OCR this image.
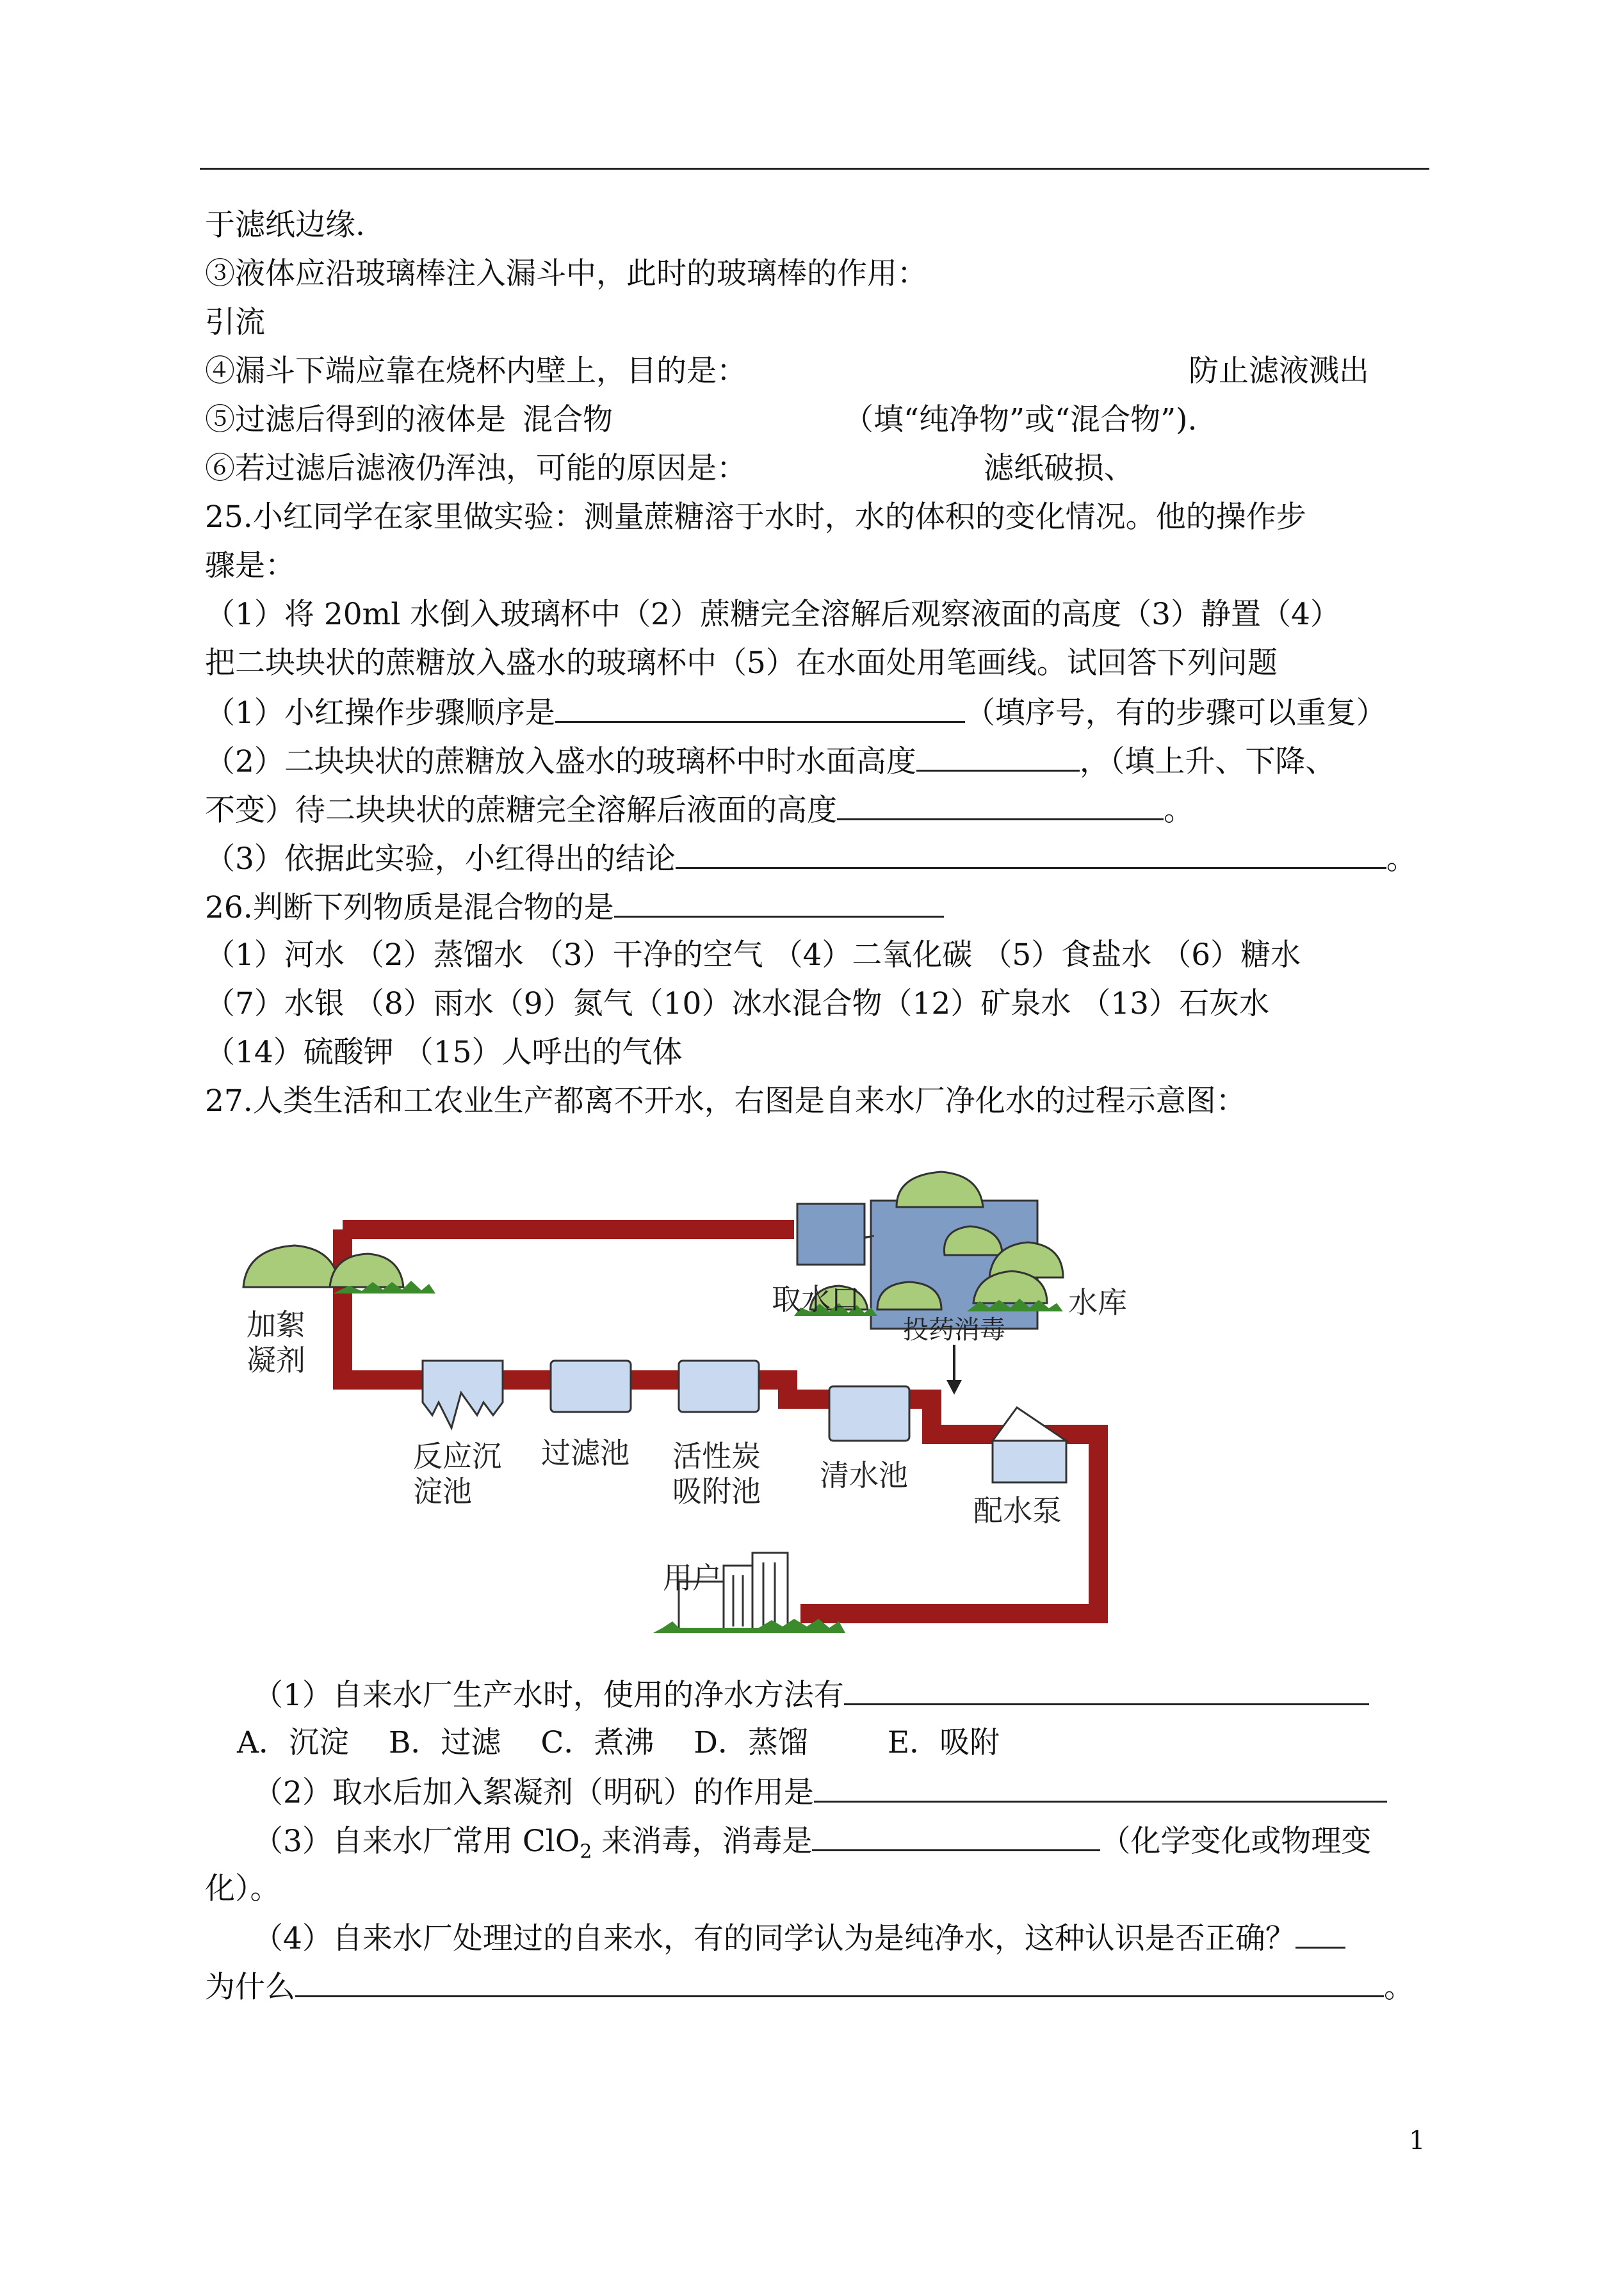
于滤纸边缘.
③液体应沿玻璃棒注入漏斗中，此时的玻璃棒的作用：
引流
④漏斗下端应靠在烧杯内壁上，目的是：	防止滤液溅出
⑤过滤后得到的液体是 混合物	（填“纯净物”或“混合物”).
⑥若过滤后滤液仍浑浊，可能的原因是：	滤纸破损、
25.小红同学在家里做实验：测量蔗糖溶于水时，水的体积的变化情况。他的操作步
骤是：
（1）将 20ml 水倒入玻璃杯中（2）蔗糖完全溶解后观察液面的高度（3）静置（4）
把二块块状的蔗糖放入盛水的玻璃杯中（5）在水面处用笔画线。试回答下列问题
（1）小红操作步骤顺序是	（填序号，有的步骤可以重复）
（2）二块块状的蔗糖放入盛水的玻璃杯中时水面高度	，（填上升、下降、
不变）待二块块状的蔗糖完全溶解后液面的高度	。
（3）依据此实验，小红得出的结论	。
26.判断下列物质是混合物的是
（1）河水 （2）蒸馏水 （3）干净的空气 （4）二氧化碳 （5）食盐水 （6）糖水
（7）水银 （8）雨水（9）氮气（10）冰水混合物（12）矿泉水 （13）石灰水
（14）硫酸钾 （15）人呼出的气体
27.人类生活和工农业生产都离不开水，右图是自来水厂净化水的过程示意图：
取水口	水库
加絮
凝剂
投药消毒
反应沉
淀池
过滤池 活性炭
吸附池 清水池
配水泵
用户
（1）自来水厂生产水时，使用的净水方法有
A．沉淀　 B．过滤　 C．煮沸　 D．蒸馏　 　 E．吸附
（2）取水后加入絮凝剂（明矾）的作用是
（3）自来水厂常用 ClO$_2$ 来消毒，消毒是	（化学变化或物理变
化）。
（4）自来水厂处理过的自来水，有的同学认为是纯净水，这种认识是否正确？
为什么	。
1
